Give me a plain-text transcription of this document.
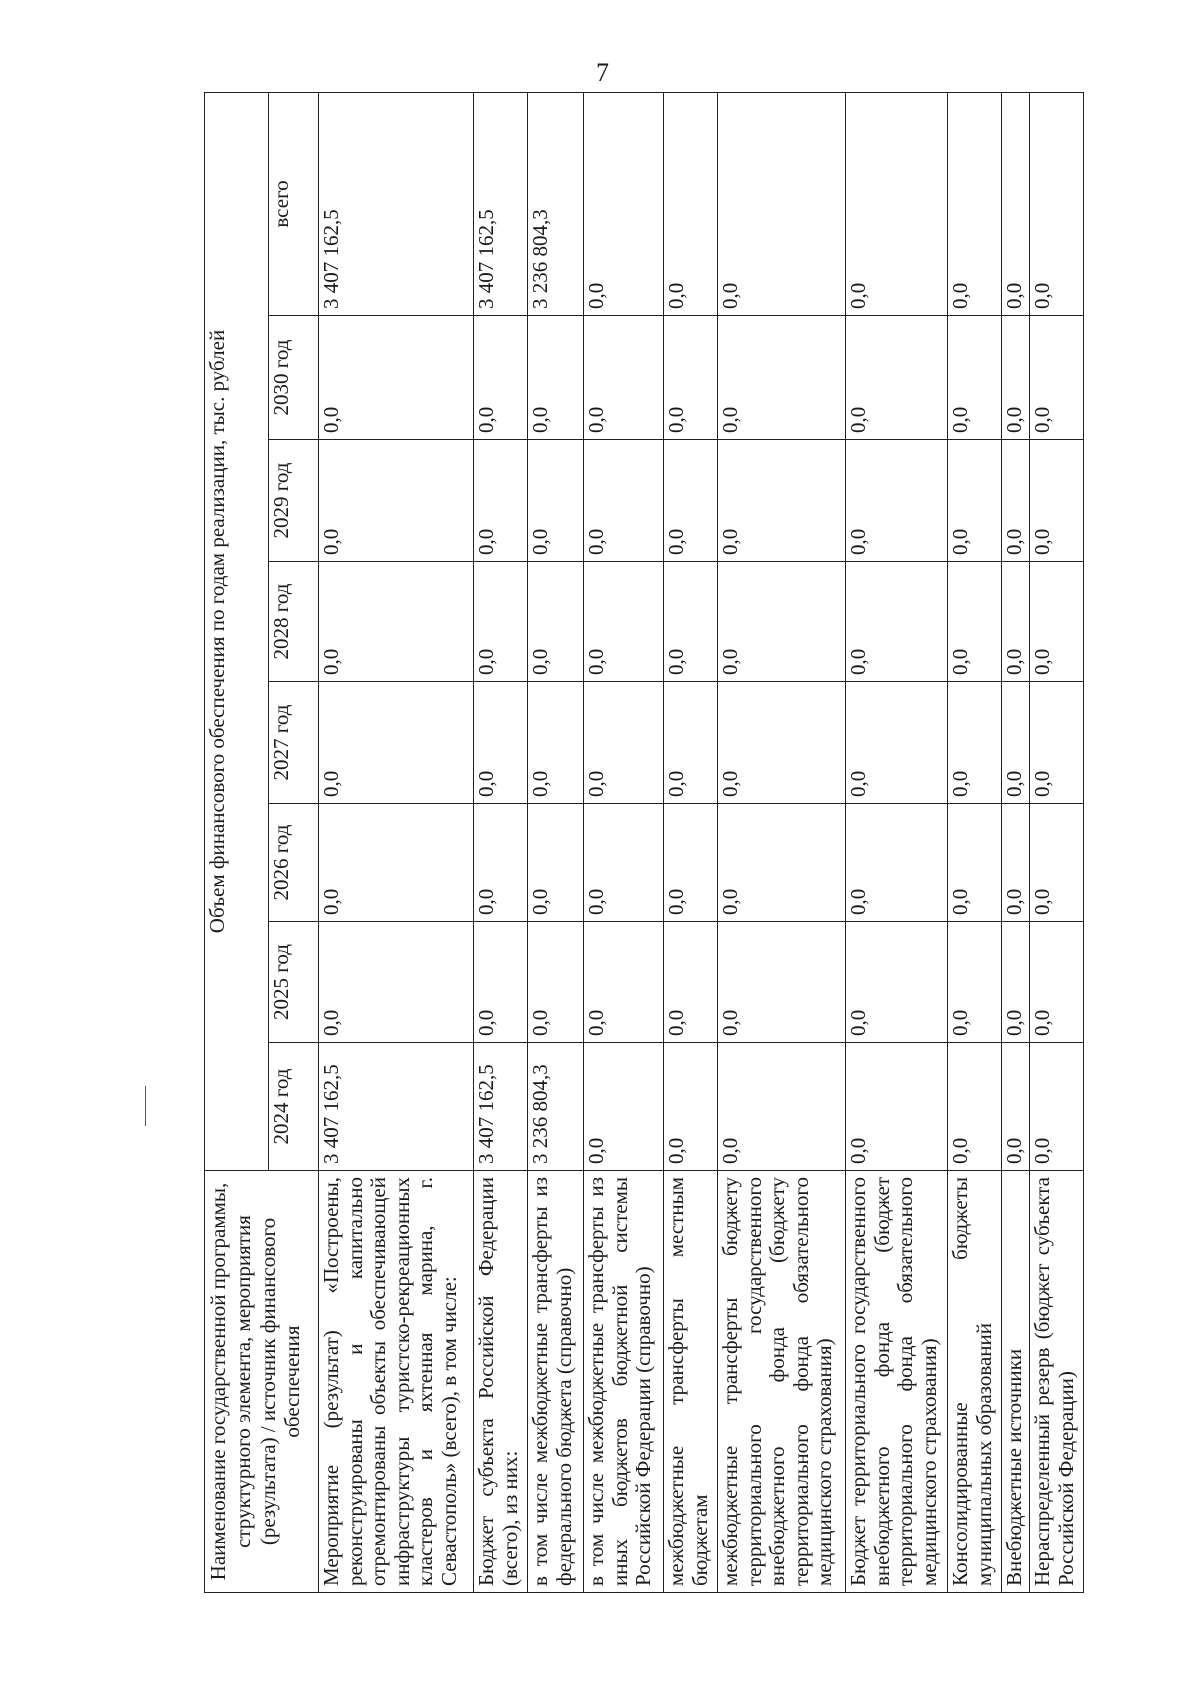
7
Наименование государственной программы, структурного элемента, мероприятия (результата) / источник финансового обеспечения	Объем финансового обеспечения по годам реализации, тыс. рублей							
	2024 год	2025 год	2026 год	2027 год	2028 год	2029 год	2030 год	всего
Мероприятие (результат) «Построены, реконструированы и капитально отремонтированы объекты обеспечивающей инфраструктуры туристско-рекреационных кластеров и яхтенная марина, г. Севастополь» (всего), в том числе:	3 407 162,5	0,0	0,0	0,0	0,0	0,0	0,0	3 407 162,5
Бюджет субъекта Российской Федерации (всего), из них:	3 407 162,5	0,0	0,0	0,0	0,0	0,0	0,0	3 407 162,5
в том числе межбюджетные трансферты из федерального бюджета (справочно)	3 236 804,3	0,0	0,0	0,0	0,0	0,0	0,0	3 236 804,3
в том числе межбюджетные трансферты из иных бюджетов бюджетной системы Российской Федерации (справочно)	0,0	0,0	0,0	0,0	0,0	0,0	0,0	0,0
межбюджетные трансферты местным бюджетам	0,0	0,0	0,0	0,0	0,0	0,0	0,0	0,0
межбюджетные трансферты бюджету территориального государственного внебюджетного фонда (бюджету территориального фонда обязательного медицинского страхования)	0,0	0,0	0,0	0,0	0,0	0,0	0,0	0,0
Бюджет территориального государственного внебюджетного фонда (бюджет территориального фонда обязательного медицинского страхования)	0,0	0,0	0,0	0,0	0,0	0,0	0,0	0,0
Консолидированные бюджеты муниципальных образований	0,0	0,0	0,0	0,0	0,0	0,0	0,0	0,0
Внебюджетные источники	0,0	0,0	0,0	0,0	0,0	0,0	0,0	0,0
Нераспределенный резерв (бюджет субъекта Российской Федерации)	0,0	0,0	0,0	0,0	0,0	0,0	0,0	0,0
